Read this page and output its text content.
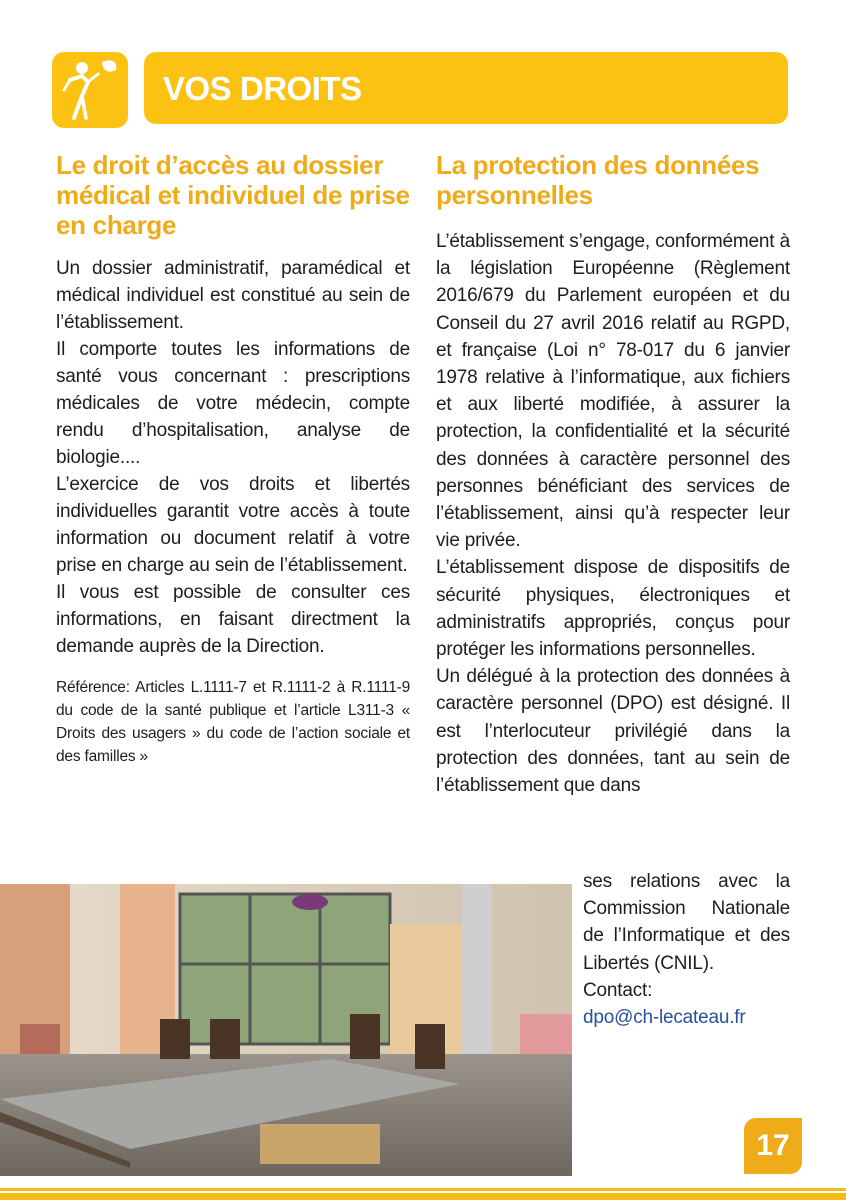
VOS DROITS
Le droit d’accès au dossier médical et individuel de prise en charge

Un dossier administratif, paramédical et médical individuel est constitué au sein de l’établissement.

Il comporte toutes les informations de santé vous concernant : prescriptions médicales de votre médecin, compte rendu d’hospitalisation, analyse de biologie....

L’exercice de vos droits et libertés individuelles garantit votre accès à toute information ou document relatif à votre prise en charge au sein de l’établissement.

Il vous est possible de consulter ces informations, en faisant directment la demande auprès de la Direction.

Référence: Articles L.1111-7 et R.1111-2 à R.1111-9 du code de la santé publique et l’article L311-3 « Droits des usagers » du code de l’action sociale et des familles »

La protection des données personnelles

L’établissement s’engage, conformément à la législation Européenne (Règlement 2016/679 du Parlement européen et du Conseil du 27 avril 2016 relatif au RGPD, et française (Loi n° 78-017 du 6 janvier 1978 relative à l’informatique, aux fichiers et aux liberté modifiée, à assurer la protection, la confidentialité et la sécurité des données à caractère personnel des personnes bénéficiant des services de l’établissement, ainsi qu’à respecter leur vie privée.

L’établissement dispose de dispositifs de sécurité physiques, électroniques et administratifs appropriés, conçus pour protéger les informations personnelles.

Un délégué à la protection des données à caractère personnel (DPO) est désigné. Il est l’nterlocuteur privilégié dans la protection des données, tant au sein de l’établissement que dans

ses relations avec la Commission Nationale de l’Informatique et des Libertés (CNIL).

Contact:

dpo@ch-lecateau.fr

17
